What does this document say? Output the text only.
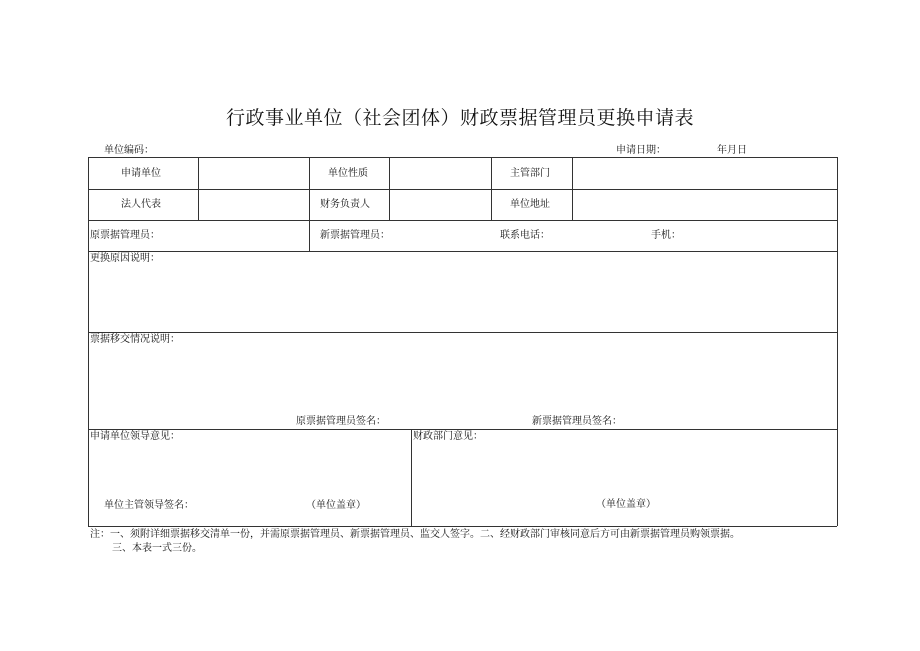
行政事业单位（社会团体）财政票据管理员更换申请表
单位编码：	申请日期：	年月日
申请单位	单位性质	主管部门
法人代表	财务负责人	单位地址
原票据管理员：	新票据管理员：	联系电话：	手机：
更换原因说明：
票据移交情况说明：
原票据管理员签名：	新票据管理员签名：
申请单位领导意见：	财政部门意见：
单位主管领导签名：	（单位盖章）	（单位盖章）
注：一、须附详细票据移交清单一份，并需原票据管理员、新票据管理员、监交人签字。二、经财政部门审核同意后方可由新票据管理员购领票据。
三、本表一式三份。
